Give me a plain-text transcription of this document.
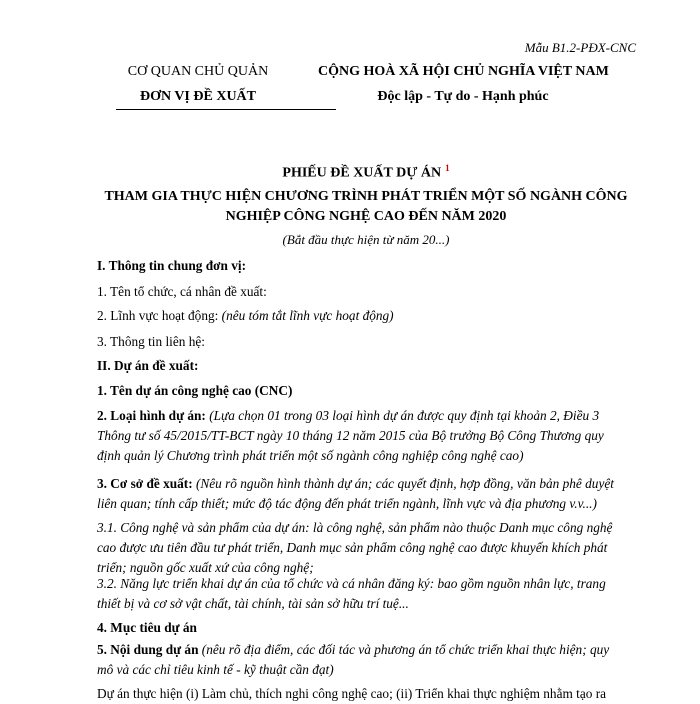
Mẫu B1.2-PĐX-CNC
CƠ QUAN CHỦ QUẢN
ĐƠN VỊ ĐỀ XUẤT
CỘNG HOÀ XÃ HỘI CHỦ NGHĨA VIỆT NAM
Độc lập - Tự do - Hạnh phúc
PHIẾU ĐỀ XUẤT DỰ ÁN $^1$
THAM GIA THỰC HIỆN CHƯƠNG TRÌNH PHÁT TRIỂN MỘT SỐ NGÀNH CÔNG
NGHIỆP CÔNG NGHỆ CAO ĐẾN NĂM 2020
(Bắt đầu thực hiện từ năm 20...)
I. Thông tin chung đơn vị:
1. Tên tổ chức, cá nhân đề xuất:
2. Lĩnh vực hoạt động: (nêu tóm tắt lĩnh vực hoạt động)
3. Thông tin liên hệ:
II. Dự án đề xuất:
1. Tên dự án công nghệ cao (CNC)
2. Loại hình dự án: (Lựa chọn 01 trong 03 loại hình dự án được quy định tại khoản 2, Điều 3
Thông tư số 45/2015/TT-BCT ngày 10 tháng 12 năm 2015 của Bộ trưởng Bộ Công Thương quy
định quản lý Chương trình phát triển một số ngành công nghiệp công nghệ cao)
3. Cơ sở đề xuất: (Nêu rõ nguồn hình thành dự án; các quyết định, hợp đồng, văn bản phê duyệt
liên quan; tính cấp thiết; mức độ tác động đến phát triển ngành, lĩnh vực và địa phương v.v...)
3.1. Công nghệ và sản phẩm của dự án: là công nghệ, sản phẩm nào thuộc Danh mục công nghệ
cao được ưu tiên đầu tư phát triển, Danh mục sản phẩm công nghệ cao được khuyến khích phát
triển; nguồn gốc xuất xứ của công nghệ;
3.2. Năng lực triển khai dự án của tổ chức và cá nhân đăng ký: bao gồm nguồn nhân lực, trang
thiết bị và cơ sở vật chất, tài chính, tài sản sở hữu trí tuệ...
4. Mục tiêu dự án
5. Nội dung dự án (nêu rõ địa điểm, các đối tác và phương án tổ chức triển khai thực hiện; quy
mô và các chỉ tiêu kinh tế - kỹ thuật cần đạt)
Dự án thực hiện (i) Làm chủ, thích nghi công nghệ cao; (ii) Triển khai thực nghiệm nhằm tạo ra
